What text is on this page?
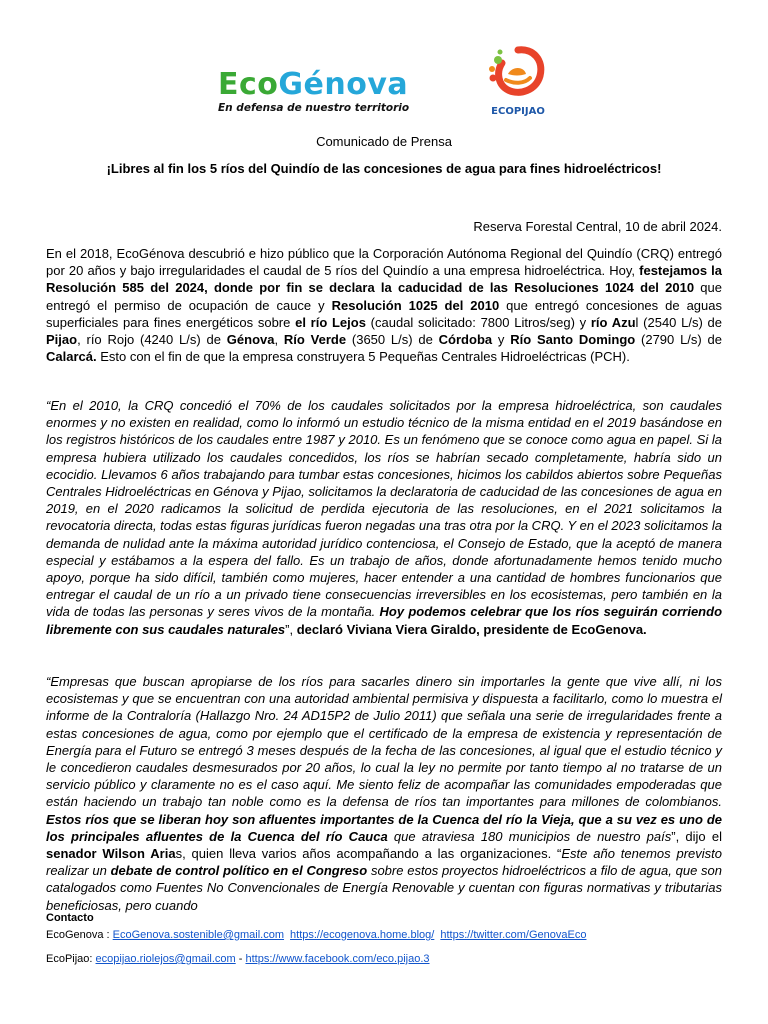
EcoGénova
En defensa de nuestro territorio	ECOPIJAO
Comunicado de Prensa
¡Libres al fin los 5 ríos del Quindío de las concesiones de agua para fines hidroeléctricos!
Reserva Forestal Central, 10 de abril 2024.

En el 2018, EcoGénova descubrió e hizo público que la Corporación Autónoma Regional del Quindío (CRQ) entregó por 20 años y bajo irregularidades el caudal de 5 ríos del Quindío a una empresa hidroeléctrica. Hoy, festejamos la Resolución 585 del 2024, donde por fin se declara la caducidad de las Resoluciones 1024 del 2010 que entregó el permiso de ocupación de cauce y Resolución 1025 del 2010 que entregó concesiones de aguas superficiales para fines energéticos sobre el río Lejos (caudal solicitado: 7800 Litros/seg) y río Azul (2540 L/s) de Pijao, río Rojo (4240 L/s) de Génova, Río Verde (3650 L/s) de Córdoba y Río Santo Domingo (2790 L/s) de Calarcá. Esto con el fin de que la empresa construyera 5 Pequeñas Centrales Hidroeléctricas (PCH).

“En el 2010, la CRQ concedió el 70% de los caudales solicitados por la empresa hidroeléctrica, son caudales enormes y no existen en realidad, como lo informó un estudio técnico de la misma entidad en el 2019 basándose en los registros históricos de los caudales entre 1987 y 2010. Es un fenómeno que se conoce como agua en papel. Si la empresa hubiera utilizado los caudales concedidos, los ríos se habrían secado completamente, habría sido un ecocidio. Llevamos 6 años trabajando para tumbar estas concesiones, hicimos los cabildos abiertos sobre Pequeñas Centrales Hidroeléctricas en Génova y Pijao, solicitamos la declaratoria de caducidad de las concesiones de agua en 2019, en el 2020 radicamos la solicitud de perdida ejecutoria de las resoluciones, en el 2021 solicitamos la revocatoria directa, todas estas figuras jurídicas fueron negadas una tras otra por la CRQ. Y en el 2023 solicitamos la demanda de nulidad ante la máxima autoridad jurídico contenciosa, el Consejo de Estado, que la aceptó de manera especial y estábamos a la espera del fallo. Es un trabajo de años, donde afortunadamente hemos tenido mucho apoyo, porque ha sido difícil, también como mujeres, hacer entender a una cantidad de hombres funcionarios que entregar el caudal de un río a un privado tiene consecuencias irreversibles en los ecosistemas, pero también en la vida de todas las personas y seres vivos de la montaña. Hoy podemos celebrar que los ríos seguirán corriendo libremente con sus caudales naturales”, declaró Viviana Viera Giraldo, presidente de EcoGenova.

“Empresas que buscan apropiarse de los ríos para sacarles dinero sin importarles la gente que vive allí, ni los ecosistemas y que se encuentran con una autoridad ambiental permisiva y dispuesta a facilitarlo, como lo muestra el informe de la Contraloría (Hallazgo Nro. 24 AD15P2 de Julio 2011) que señala una serie de irregularidades frente a estas concesiones de agua, como por ejemplo que el certificado de la empresa de existencia y representación de Energía para el Futuro se entregó 3 meses después de la fecha de las concesiones, al igual que el estudio técnico y le concedieron caudales desmesurados por 20 años, lo cual la ley no permite por tanto tiempo al no tratarse de un servicio público y claramente no es el caso aquí. Me siento feliz de acompañar las comunidades empoderadas que están haciendo un trabajo tan noble como es la defensa de ríos tan importantes para millones de colombianos. Estos ríos que se liberan hoy son afluentes importantes de la Cuenca del río la Vieja, que a su vez es uno de los principales afluentes de la Cuenca del río Cauca que atraviesa 180 municipios de nuestro país”, dijo el senador Wilson Arias, quien lleva varios años acompañando a las organizaciones. “Este año tenemos previsto realizar un debate de control político en el Congreso sobre estos proyectos hidroeléctricos a filo de agua, que son catalogados como Fuentes No Convencionales de Energía Renovable y cuentan con figuras normativas y tributarias beneficiosas, pero cuando

Contacto
EcoGenova : EcoGenova.sostenible@gmail.com https://ecogenova.home.blog/ https://twitter.com/GenovaEco
EcoPijao: ecopijao.riolejos@gmail.com - https://www.facebook.com/eco.pijao.3
